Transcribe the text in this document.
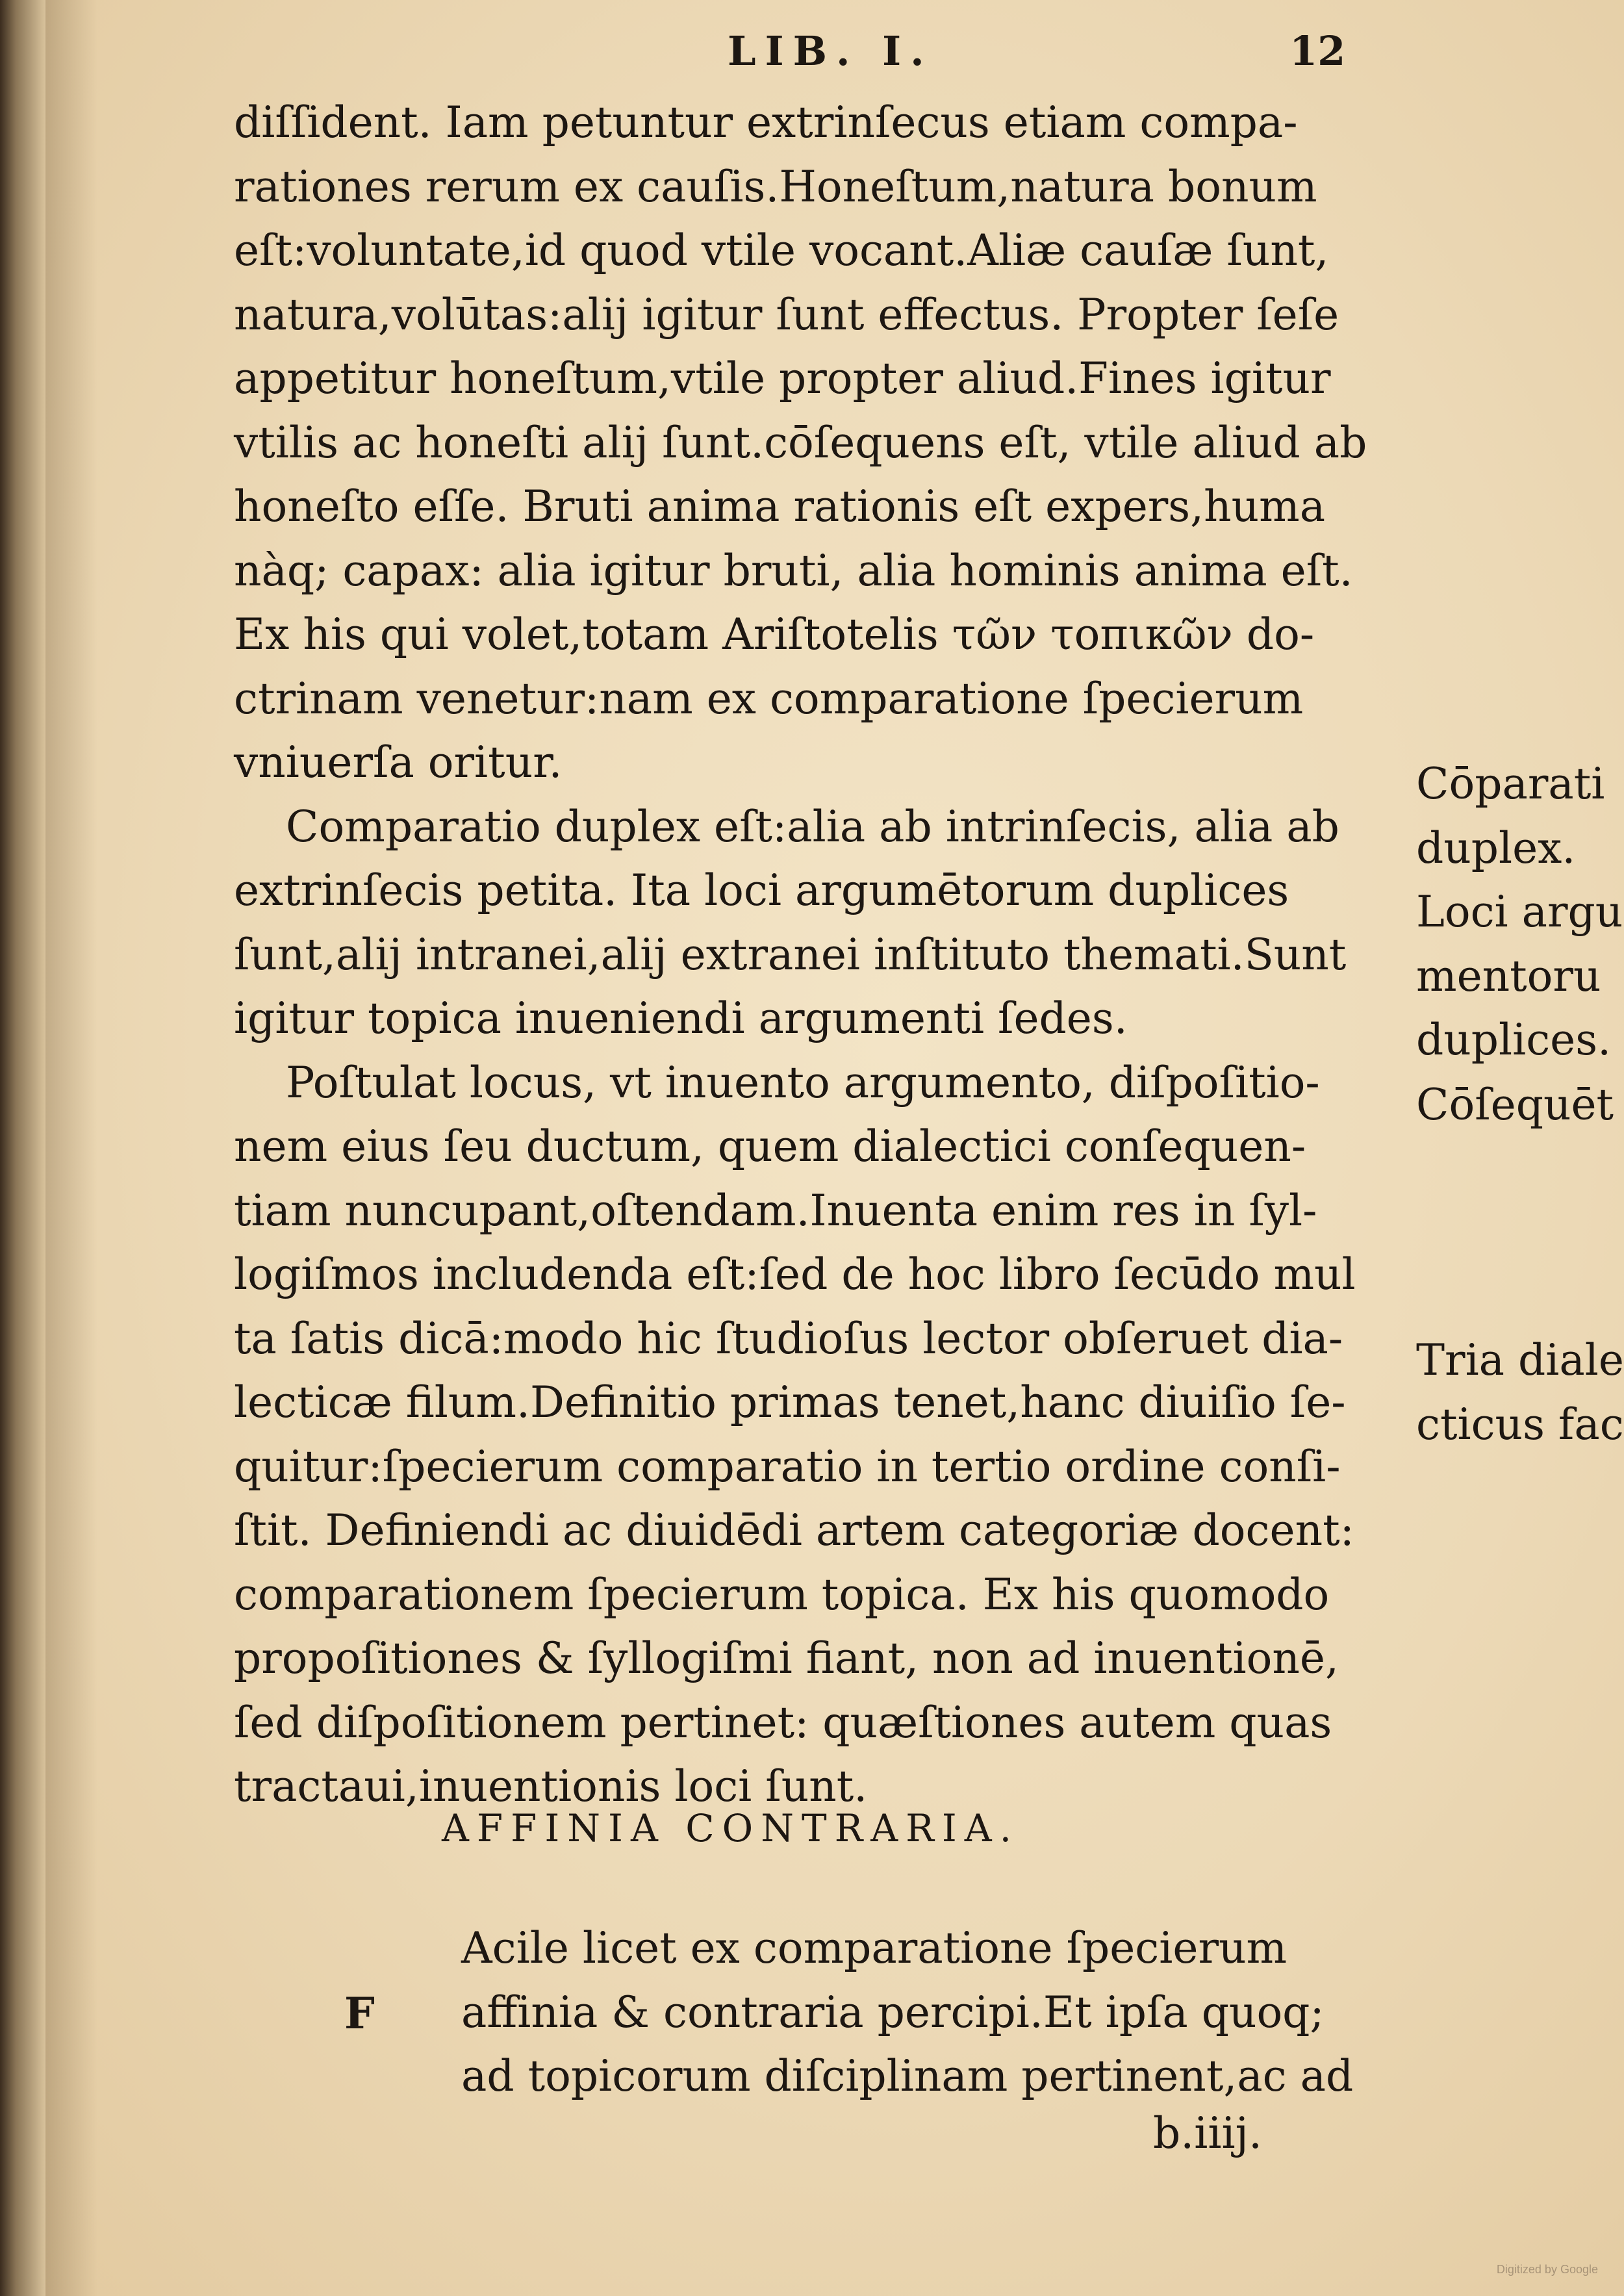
LIB. I.	12
diſſident. Iam petuntur extrinſecus etiam compa-
rationes rerum ex cauſis.Honeſtum,natura bonum
eſt:voluntate,id quod vtile vocant.Aliæ cauſæ ſunt,
natura,volūtas:alij igitur ſunt effectus. Propter ſeſe
appetitur honeſtum,vtile propter aliud.Fines igitur
vtilis ac honeſti alij ſunt.cōſequens eſt, vtile aliud ab
honeſto eſſe. Bruti anima rationis eſt expers,huma
nàq; capax: alia igitur bruti, alia hominis anima eſt.
Ex his qui volet,totam Ariſtotelis τῶν τοπικῶν do-
ctrinam venetur:nam ex comparatione ſpecierum
vniuerſa oritur.
Comparatio duplex eſt:alia ab intrinſecis, alia ab
extrinſecis petita. Ita loci argumētorum duplices
ſunt,alij intranei,alij extranei inſtituto themati.Sunt
igitur topica inueniendi argumenti ſedes.
Poſtulat locus, vt inuento argumento, diſpoſitio-
nem eius ſeu ductum, quem dialectici conſequen-
tiam nuncupant,oſtendam.Inuenta enim res in ſyl-
logiſmos includenda eſt:ſed de hoc libro ſecūdo mul
ta ſatis dicā:modo hic ſtudioſus lector obſeruet dia-
lecticæ filum.Definitio primas tenet,hanc diuiſio ſe-
quitur:ſpecierum comparatio in tertio ordine conſi-
ſtit. Definiendi ac diuidēdi artem categoriæ docent:
comparationem ſpecierum topica. Ex his quomodo
propoſitiones & ſyllogiſmi fiant, non ad inuentionē,
ſed diſpoſitionem pertinet: quæſtiones autem quas
tractaui,inuentionis loci ſunt.
AFFINIA CONTRARIA.
F
Acile licet ex comparatione ſpecierum
affinia & contraria percipi.Et ipſa quoq;
ad topicorum diſciplinam pertinent,ac ad
b.iiij.
Cōparati
duplex.
Loci argu
mentoru
duplices.
Cōſequēt
Tria diale
cticus fac
Digitized by Google
